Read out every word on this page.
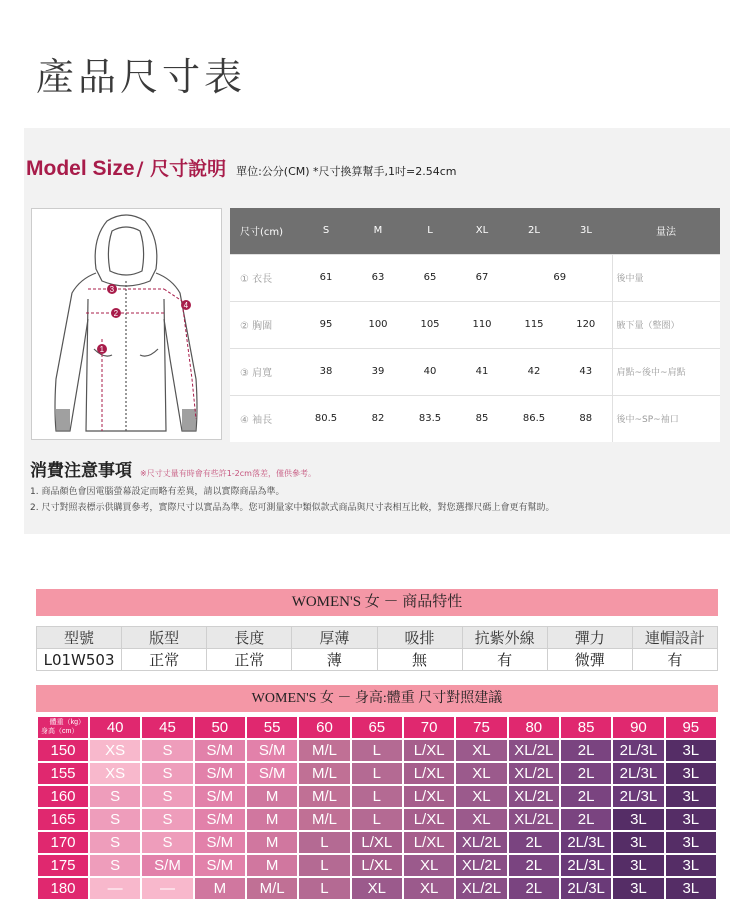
產品尺寸表
Model Size / 尺寸說明 單位:公分(CM) *尺寸換算幫手,1吋=2.54cm
3
2
1
4
尺寸(cm)	S	M	L	XL	2L	3L	量法
① 衣長	61	63	65	67	69		後中量
② 胸圍	95	100	105	110	115	120	腋下量（整圈）
③ 肩寬	38	39	40	41	42	43	肩點~後中~肩點
④ 袖長	80.5	82	83.5	85	86.5	88	後中~SP~袖口
消費注意事項 ※尺寸丈量有時會有些許1-2cm落差，僅供參考。
1. 商品顏色會因電腦螢幕設定而略有差異，請以實際商品為準。
2. 尺寸對照表標示供購買參考，實際尺寸以實品為準。您可測量家中類似款式商品與尺寸表相互比較，對您選擇尺碼上會更有幫助。
WOMEN'S 女 － 商品特性
型號	版型	長度	厚薄	吸排	抗紫外線	彈力	連帽設計
L01W503	正常	正常	薄	無	有	微彈	有
WOMEN'S 女 － 身高:體重 尺寸對照建議
體重（kg）
身高（cm）	40	45	50	55	60	65	70	75	80	85	90	95
150	XS	S	S/M	S/M	M/L	L	L/XL	XL	XL/2L	2L	2L/3L	3L
155	XS	S	S/M	S/M	M/L	L	L/XL	XL	XL/2L	2L	2L/3L	3L
160	S	S	S/M	M	M/L	L	L/XL	XL	XL/2L	2L	2L/3L	3L
165	S	S	S/M	M	M/L	L	L/XL	XL	XL/2L	2L	3L	3L
170	S	S	S/M	M	L	L/XL	L/XL	XL/2L	2L	2L/3L	3L	3L
175	S	S/M	S/M	M	L	L/XL	XL	XL/2L	2L	2L/3L	3L	3L
180	—	—	M	M/L	L	XL	XL	XL/2L	2L	2L/3L	3L	3L
